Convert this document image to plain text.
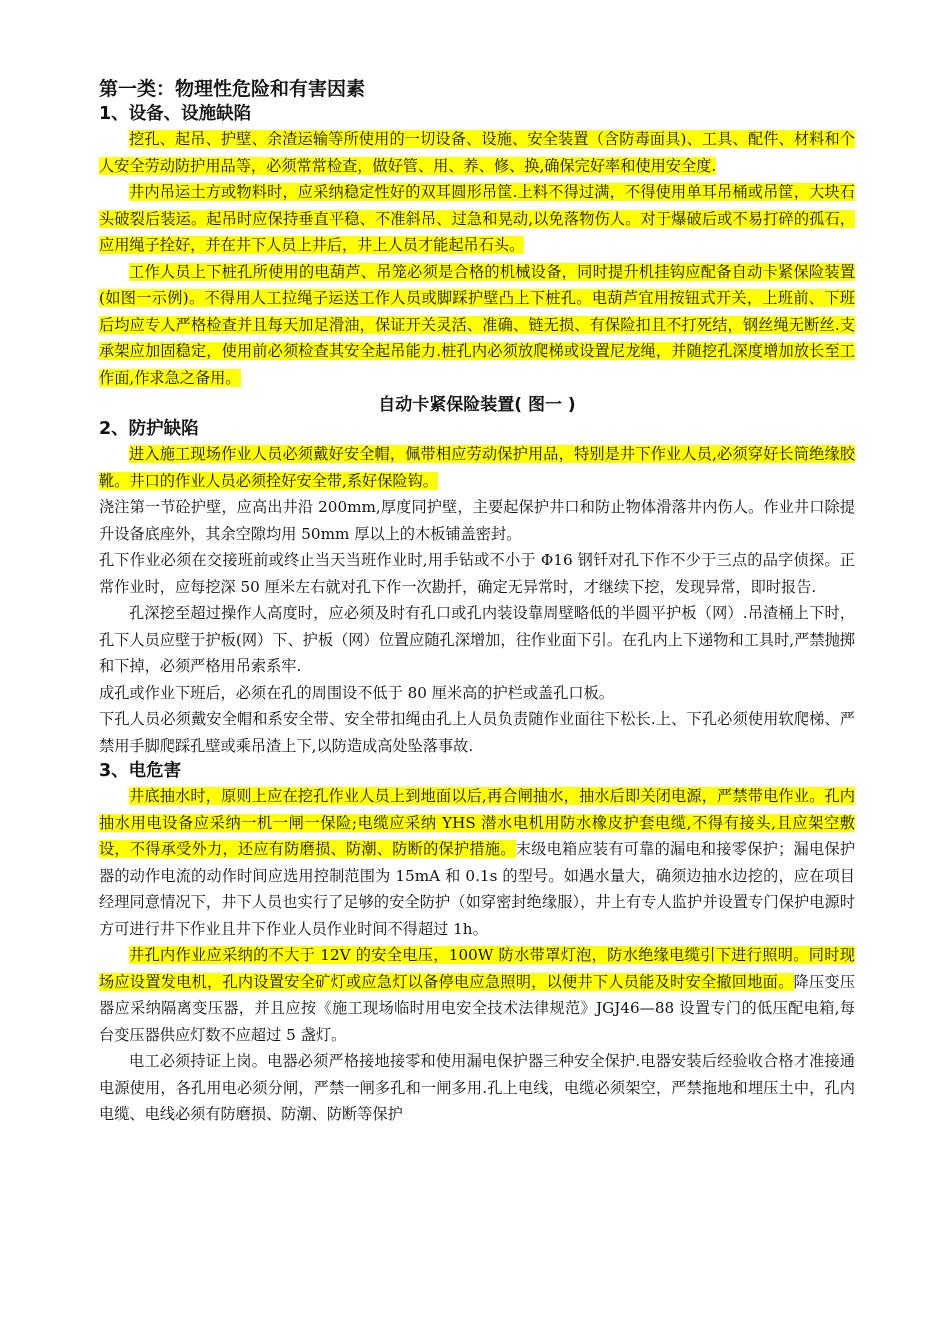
第一类：物理性危险和有害因素
1、设备、设施缺陷

挖孔、起吊、护壁、余渣运输等所使用的一切设备、设施、安全装置（含防毒面具)、工具、配件、材料和个人安全劳动防护用品等，必须常常检查，做好管、用、养、修、换,确保完好率和使用安全度.

井内吊运土方或物料时，应采纳稳定性好的双耳圆形吊筐.上料不得过满，不得使用单耳吊桶或吊筐，大块石头破裂后装运。起吊时应保持垂直平稳、不准斜吊、过急和晃动,以免落物伤人。对于爆破后或不易打碎的孤石，应用绳子拴好，并在井下人员上井后，井上人员才能起吊石头。

工作人员上下桩孔所使用的电葫芦、吊笼必须是合格的机械设备，同时提升机挂钩应配备自动卡紧保险装置(如图一示例)。不得用人工拉绳子运送工作人员或脚踩护壁凸上下桩孔。电葫芦宜用按钮式开关，上班前、下班后均应专人严格检查并且每天加足滑油，保证开关灵活、准确、链无损、有保险扣且不打死结，钢丝绳无断丝.支承架应加固稳定，使用前必须检查其安全起吊能力.桩孔内必须放爬梯或设置尼龙绳，并随挖孔深度增加放长至工作面,作求急之备用。

自动卡紧保险装置( 图一 )
2、防护缺陷

进入施工现场作业人员必须戴好安全帽，佩带相应劳动保护用品，特别是井下作业人员,必须穿好长筒绝缘胶靴。井口的作业人员必须拴好安全带,系好保险钩。

浇注第一节砼护壁，应高出井沿 200mm,厚度同护壁，主要起保护井口和防止物体滑落井内伤人。作业井口除提升设备底座外，其余空隙均用 50mm 厚以上的木板铺盖密封。

孔下作业必须在交接班前或终止当天当班作业时,用手钻或不小于 Φ16 钢钎对孔下作不少于三点的品字侦探。正常作业时，应每挖深 50 厘米左右就对孔下作一次勘扦，确定无异常时，才继续下挖，发现异常，即时报告.

孔深挖至超过操作人高度时，应必须及时有孔口或孔内装设靠周壁略低的半圆平护板（网）.吊渣桶上下时，孔下人员应壁于护板(网）下、护板（网）位置应随孔深增加，往作业面下引。在孔内上下递物和工具时,严禁抛掷和下掉，必须严格用吊索系牢.

成孔或作业下班后，必须在孔的周围设不低于 80 厘米高的护栏或盖孔口板。

下孔人员必须戴安全帽和系安全带、安全带扣绳由孔上人员负责随作业面往下松长.上、下孔必须使用软爬梯、严禁用手脚爬踩孔壁或乘吊渣上下,以防造成高处坠落事故.

3、电危害

井底抽水时，原则上应在挖孔作业人员上到地面以后,再合闸抽水，抽水后即关闭电源，严禁带电作业。孔内抽水用电设备应采纳一机一闸一保险;电缆应采纳 YHS 潜水电机用防水橡皮护套电缆,不得有接头,且应架空敷设，不得承受外力，还应有防磨损、防潮、防断的保护措施。末级电箱应装有可靠的漏电和接零保护；漏电保护器的动作电流的动作时间应选用控制范围为 15mA 和 0.1s 的型号。如遇水量大，确须边抽水边挖的，应在项目经理同意情况下，井下人员也实行了足够的安全防护（如穿密封绝缘服），井上有专人监护并设置专门保护电源时方可进行井下作业且井下作业人员作业时间不得超过 1h。

井孔内作业应采纳的不大于 12V 的安全电压，100W 防水带罩灯泡，防水绝缘电缆引下进行照明。同时现场应设置发电机，孔内设置安全矿灯或应急灯以备停电应急照明，以便井下人员能及时安全撤回地面。降压变压器应采纳隔离变压器，并且应按《施工现场临时用电安全技术法律规范》JGJ46—88 设置专门的低压配电箱,每台变压器供应灯数不应超过 5 盏灯。

电工必须持证上岗。电器必须严格接地接零和使用漏电保护器三种安全保护.电器安装后经验收合格才准接通电源使用，各孔用电必须分闸，严禁一闸多孔和一闸多用.孔上电线，电缆必须架空，严禁拖地和埋压土中，孔内电缆、电线必须有防磨损、防潮、防断等保护
